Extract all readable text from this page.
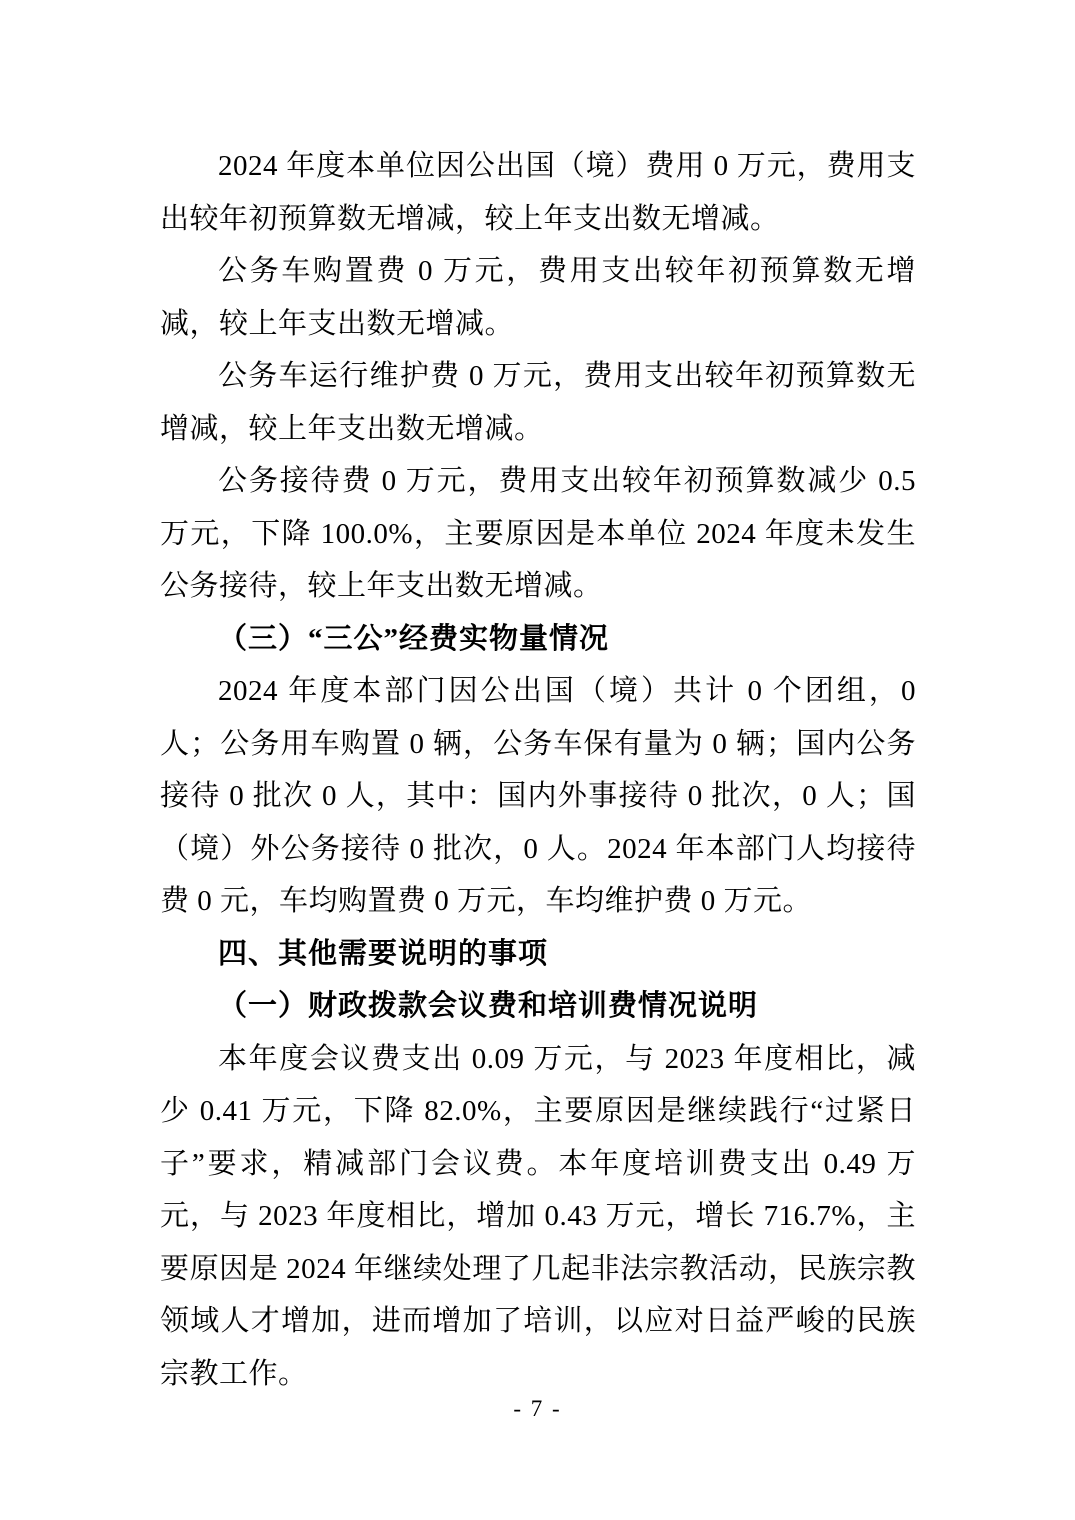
2024 年度本单位因公出国（境）费用 0 万元，费用支出较年初预算数无增减，较上年支出数无增减。

公务车购置费 0 万元，费用支出较年初预算数无增减，较上年支出数无增减。

公务车运行维护费 0 万元，费用支出较年初预算数无增减，较上年支出数无增减。

公务接待费 0 万元，费用支出较年初预算数减少 0.5 万元，下降 100.0%，主要原因是本单位 2024 年度未发生公务接待，较上年支出数无增减。

（三）“三公”经费实物量情况

2024 年度本部门因公出国（境）共计 0 个团组，0 人；公务用车购置 0 辆，公务车保有量为 0 辆；国内公务接待 0 批次 0 人，其中：国内外事接待 0 批次，0 人；国（境）外公务接待 0 批次，0 人。2024 年本部门人均接待费 0 元，车均购置费 0 万元，车均维护费 0 万元。

四、其他需要说明的事项
（一）财政拨款会议费和培训费情况说明

本年度会议费支出 0.09 万元，与 2023 年度相比，减少 0.41 万元，下降 82.0%，主要原因是继续践行“过紧日子”要求，精减部门会议费。本年度培训费支出 0.49 万元，与 2023 年度相比，增加 0.43 万元，增长 716.7%，主要原因是 2024 年继续处理了几起非法宗教活动，民族宗教领域人才增加，进而增加了培训，以应对日益严峻的民族宗教工作。

- 7 -
